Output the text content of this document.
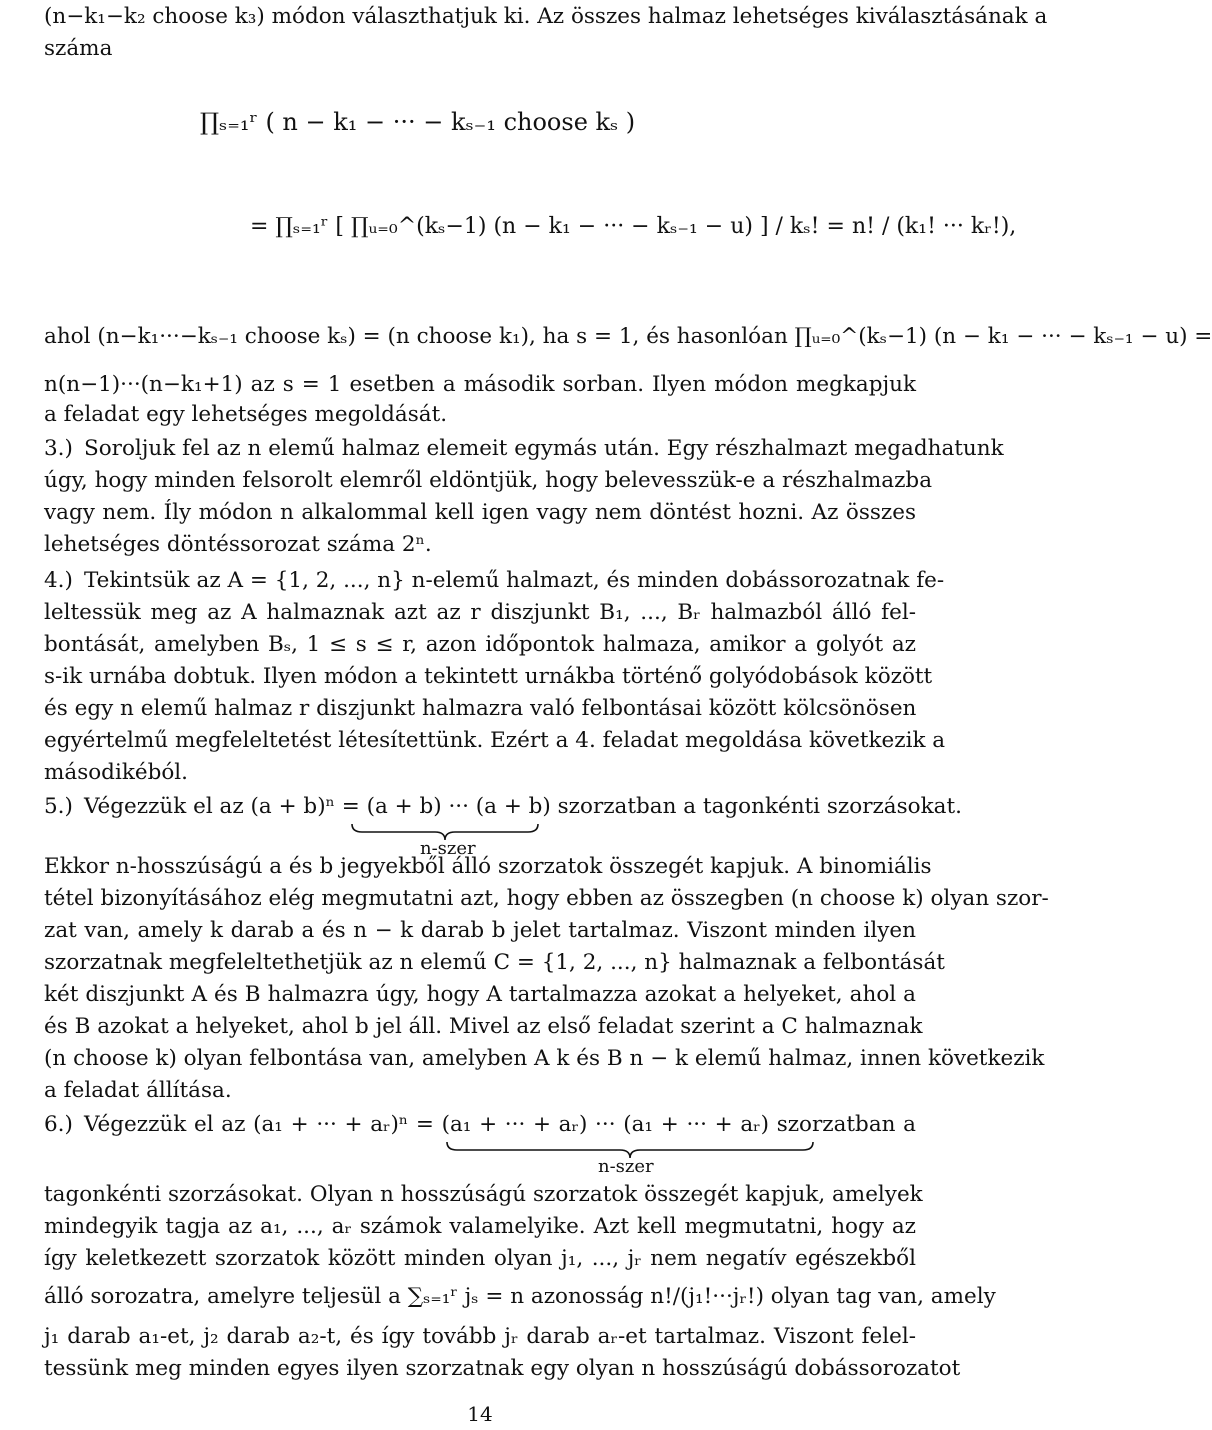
(n−k₁−k₂ choose k₃) módon választhatjuk ki. Az összes halmaz lehetséges kiválasztásának a
száma
∏ₛ₌₁ʳ ( n − k₁ − ··· − kₛ₋₁ choose kₛ )
= ∏ₛ₌₁ʳ [ ∏ᵤ₌₀^(kₛ−1) (n − k₁ − ··· − kₛ₋₁ − u) ] / kₛ! = n! / (k₁! ··· kᵣ!),
ahol (n−k₁···−kₛ₋₁ choose kₛ) = (n choose k₁), ha s = 1, és hasonlóan ∏ᵤ₌₀^(kₛ−1) (n − k₁ − ··· − kₛ₋₁ − u) =
n(n−1)···(n−k₁+1) az s = 1 esetben a második sorban. Ilyen módon megkapjuk
a feladat egy lehetséges megoldását.
3.) Soroljuk fel az n elemű halmaz elemeit egymás után. Egy részhalmazt megadhatunk
úgy, hogy minden felsorolt elemről eldöntjük, hogy belevesszük-e a részhalmazba
vagy nem. Íly módon n alkalommal kell igen vagy nem döntést hozni. Az összes
lehetséges döntéssorozat száma 2ⁿ.
4.) Tekintsük az A = {1, 2, ..., n} n-elemű halmazt, és minden dobássorozatnak fe-
leltessük meg az A halmaznak azt az r diszjunkt B₁, ..., Bᵣ halmazból álló fel-
bontását, amelyben Bₛ, 1 ≤ s ≤ r, azon időpontok halmaza, amikor a golyót az
s-ik urnába dobtuk. Ilyen módon a tekintett urnákba történő golyódobások között
és egy n elemű halmaz r diszjunkt halmazra való felbontásai között kölcsönösen
egyértelmű megfeleltetést létesítettünk. Ezért a 4. feladat megoldása következik a
másodikéból.
5.) Végezzük el az (a + b)ⁿ = (a + b) ··· (a + b) szorzatban a tagonkénti szorzásokat.
n-szer
Ekkor n-hosszúságú a és b jegyekből álló szorzatok összegét kapjuk. A binomiális
tétel bizonyításához elég megmutatni azt, hogy ebben az összegben (n choose k) olyan szor-
zat van, amely k darab a és n − k darab b jelet tartalmaz. Viszont minden ilyen
szorzatnak megfeleltethetjük az n elemű C = {1, 2, ..., n} halmaznak a felbontását
két diszjunkt A és B halmazra úgy, hogy A tartalmazza azokat a helyeket, ahol a
és B azokat a helyeket, ahol b jel áll. Mivel az első feladat szerint a C halmaznak
(n choose k) olyan felbontása van, amelyben A k és B n − k elemű halmaz, innen következik
a feladat állítása.
6.) Végezzük el az (a₁ + ··· + aᵣ)ⁿ = (a₁ + ··· + aᵣ) ··· (a₁ + ··· + aᵣ) szorzatban a
n-szer
tagonkénti szorzásokat. Olyan n hosszúságú szorzatok összegét kapjuk, amelyek
mindegyik tagja az a₁, ..., aᵣ számok valamelyike. Azt kell megmutatni, hogy az
így keletkezett szorzatok között minden olyan j₁, ..., jᵣ nem negatív egészekből
álló sorozatra, amelyre teljesül a ∑ₛ₌₁ʳ jₛ = n azonosság n!/(j₁!···jᵣ!) olyan tag van, amely
j₁ darab a₁-et, j₂ darab a₂-t, és így tovább jᵣ darab aᵣ-et tartalmaz. Viszont felel-
tessünk meg minden egyes ilyen szorzatnak egy olyan n hosszúságú dobássorozatot
14
